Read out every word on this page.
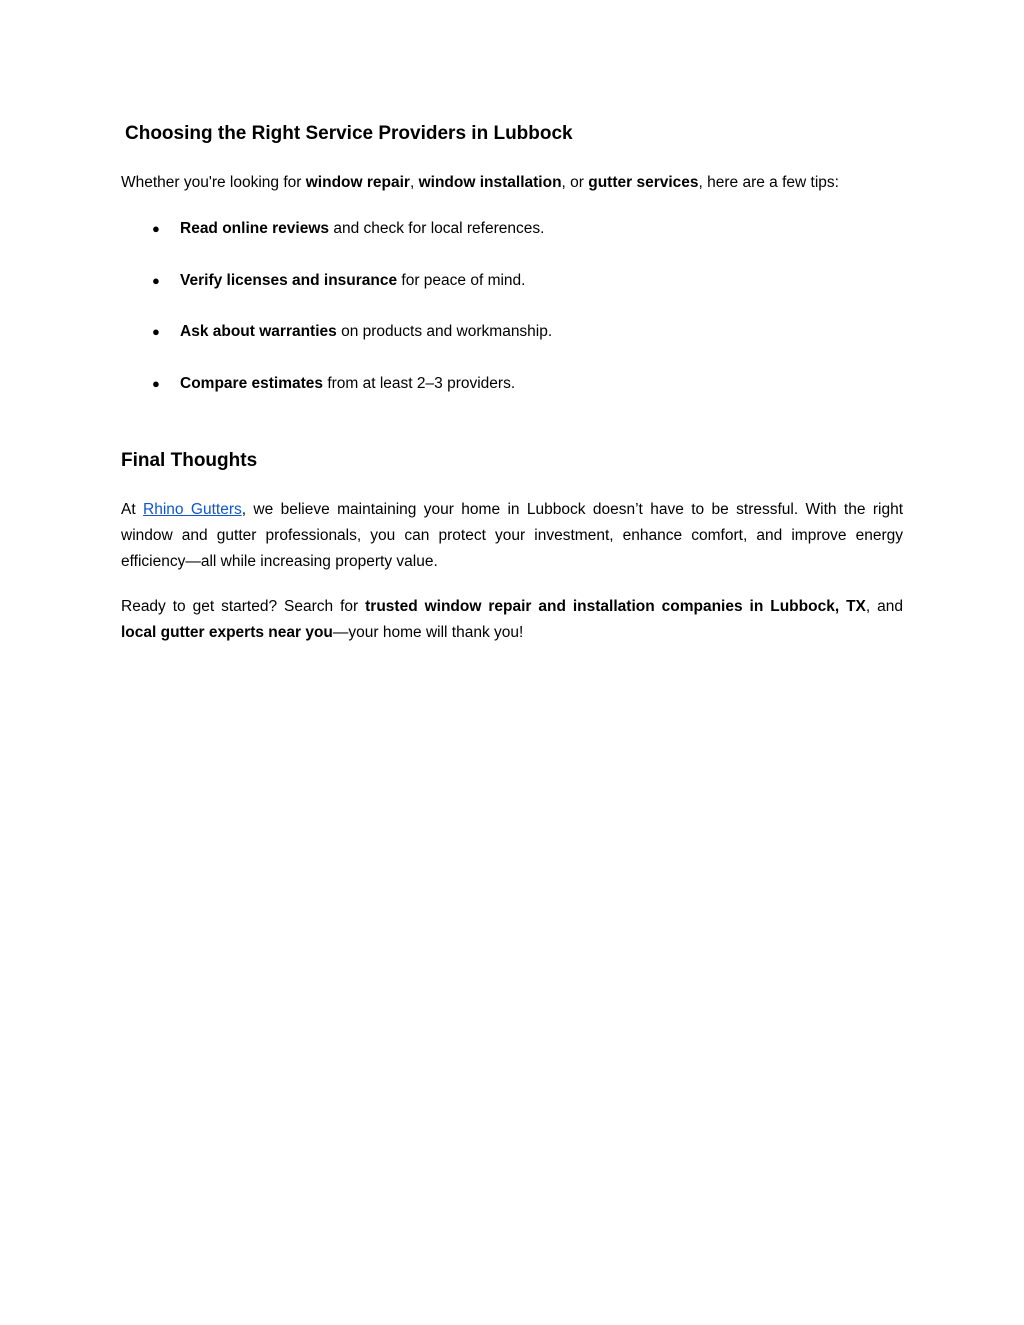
Choosing the Right Service Providers in Lubbock

Whether you're looking for window repair, window installation, or gutter services, here are a few tips:

● Read online reviews and check for local references.
● Verify licenses and insurance for peace of mind.
● Ask about warranties on products and workmanship.
● Compare estimates from at least 2–3 providers.
Final Thoughts

At Rhino Gutters, we believe maintaining your home in Lubbock doesn’t have to be stressful. With the right window and gutter professionals, you can protect your investment, enhance comfort, and improve energy efficiency—all while increasing property value.

Ready to get started? Search for trusted window repair and installation companies in Lubbock, TX, and local gutter experts near you—your home will thank you!
